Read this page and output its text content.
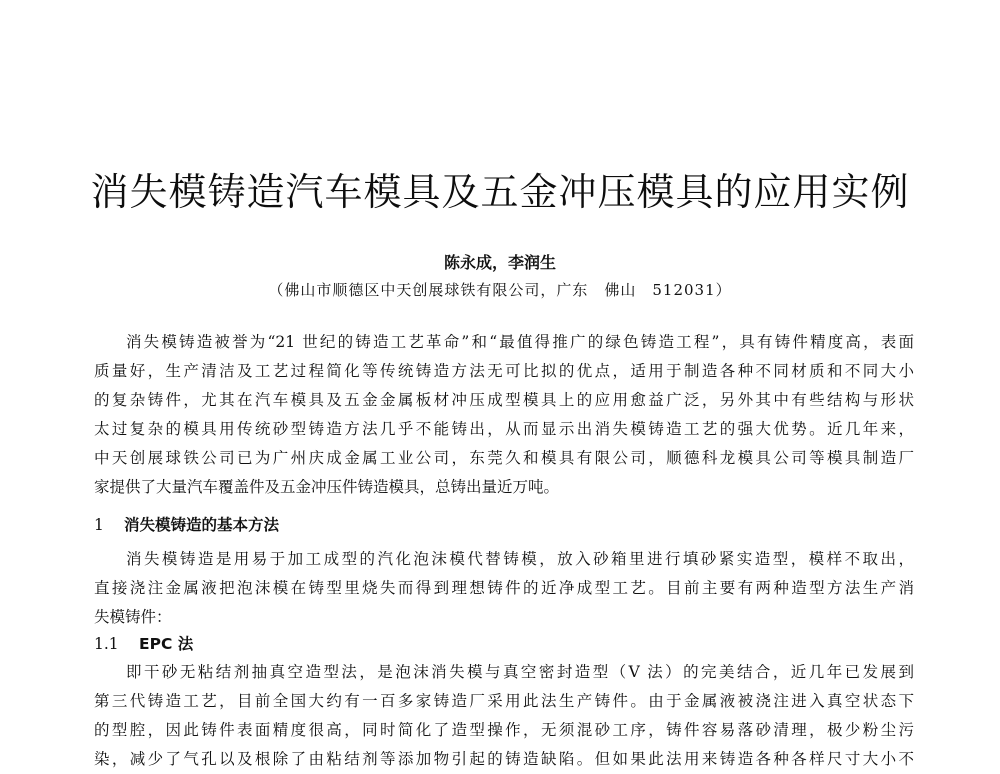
消失模铸造汽车模具及五金冲压模具的应用实例
陈永成，李润生
（佛山市顺德区中天创展球铁有限公司，广东　佛山　512031）
消失模铸造被誉为“21 世纪的铸造工艺革命”和“最值得推广的绿色铸造工程”，具有铸件精度高，表面
质量好，生产清洁及工艺过程简化等传统铸造方法无可比拟的优点，适用于制造各种不同材质和不同大小
的复杂铸件，尤其在汽车模具及五金金属板材冲压成型模具上的应用愈益广泛，另外其中有些结构与形状
太过复杂的模具用传统砂型铸造方法几乎不能铸出，从而显示出消失模铸造工艺的强大优势。近几年来，
中天创展球铁公司已为广州庆成金属工业公司，东莞久和模具有限公司，顺德科龙模具公司等模具制造厂
家提供了大量汽车覆盖件及五金冲压件铸造模具，总铸出量近万吨。
1 消失模铸造的基本方法
消失模铸造是用易于加工成型的汽化泡沫模代替铸模，放入砂箱里进行填砂紧实造型，模样不取出，
直接浇注金属液把泡沫模在铸型里烧失而得到理想铸件的近净成型工艺。目前主要有两种造型方法生产消
失模铸件：
1.1 EPC 法
即干砂无粘结剂抽真空造型法，是泡沫消失模与真空密封造型（V 法）的完美结合，近几年已发展到
第三代铸造工艺，目前全国大约有一百多家铸造厂采用此法生产铸件。由于金属液被浇注进入真空状态下
的型腔，因此铸件表面精度很高，同时简化了造型操作，无须混砂工序，铸件容易落砂清理，极少粉尘污
染，减少了气孔以及根除了由粘结剂等添加物引起的铸造缺陷。但如果此法用来铸造各种各样尺寸大小不
